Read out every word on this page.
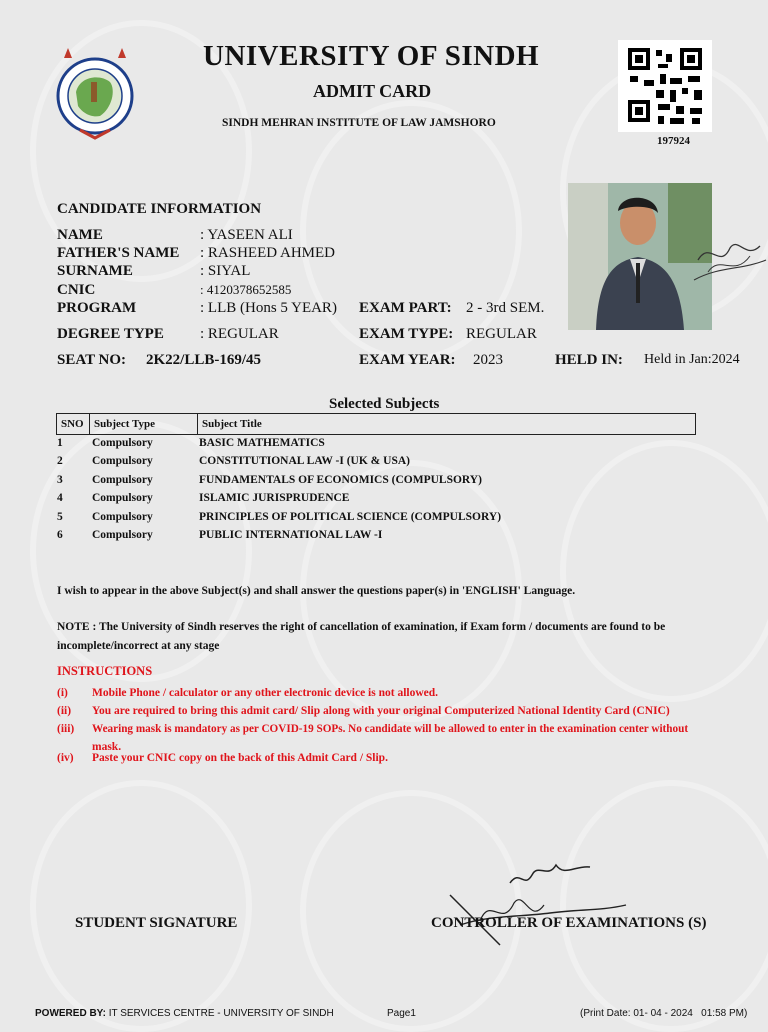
UNIVERSITY OF SINDH
ADMIT CARD
SINDH MEHRAN INSTITUTE OF LAW JAMSHORO
197924
CANDIDATE INFORMATION
NAME	: YASEEN ALI
FATHER'S NAME : RASHEED AHMED
SURNAME	: SIYAL
CNIC	: 4120378652585
PROGRAM	: LLB (Hons 5 YEAR) EXAM PART: 2 - 3rd SEM.
DEGREE TYPE : REGULAR	EXAM TYPE: REGULAR
SEAT NO: 2K22/LLB-169/45	EXAM YEAR: 2023	HELD IN: Held in Jan:2024
Selected Subjects
SNO Subject Type	Subject Title
1	Compulsory	BASIC MATHEMATICS
2	Compulsory	CONSTITUTIONAL LAW -I (UK & USA)
3	Compulsory	FUNDAMENTALS OF ECONOMICS (COMPULSORY)
4	Compulsory	ISLAMIC JURISPRUDENCE
5	Compulsory	PRINCIPLES OF POLITICAL SCIENCE (COMPULSORY)
6	Compulsory	PUBLIC INTERNATIONAL LAW -I
I wish to appear in the above Subject(s) and shall answer the questions paper(s) in 'ENGLISH' Language.
NOTE : The University of Sindh reserves the right of cancellation of examination, if Exam form / documents are found to be
incomplete/incorrect at any stage
INSTRUCTIONS
(i) Mobile Phone / calculator or any other electronic device is not allowed.
(ii) You are required to bring this admit card/ Slip along with your original Computerized National Identity Card (CNIC)
(iii) Wearing mask is mandatory as per COVID-19 SOPs. No candidate will be allowed to enter in the examination center without
mask.
(iv) Paste your CNIC copy on the back of this Admit Card / Slip.
STUDENT SIGNATURE	CONTROLLER OF EXAMINATIONS (S)
POWERED BY: IT SERVICES CENTRE - UNIVERSITY OF SINDH	Page1	(Print Date: 01- 04 - 2024   01:58 PM)
